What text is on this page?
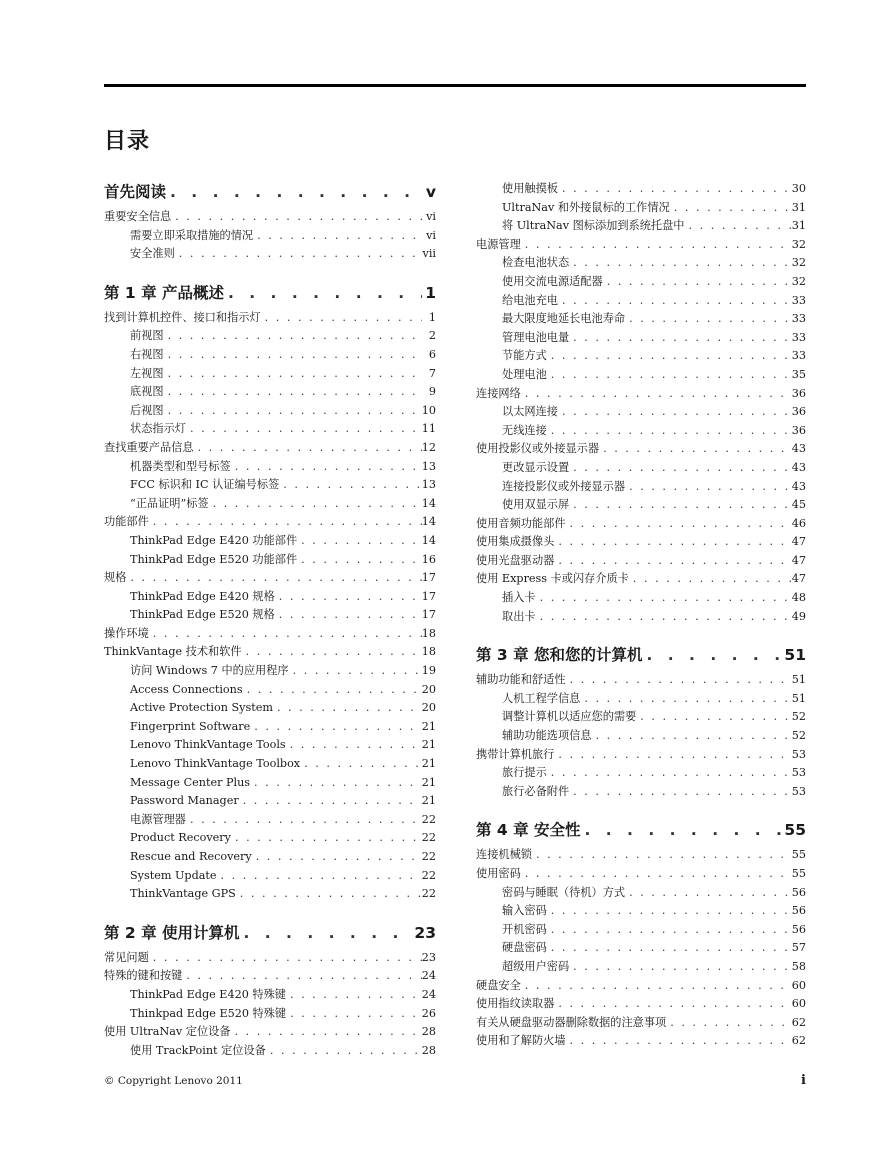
目录
首先阅读 . . .	v
重要安全信息 . . .	vi
需要立即采取措施的情况 . . .	vi
安全准则 . . .	vii
第 1 章 产品概述 . . .	1
找到计算机控件、接口和指示灯 . . .	1
前视图 . . .	2
右视图 . . .	6
左视图 . . .	7
底视图 . . .	9
后视图 . . .	10
状态指示灯 . . .	11
查找重要产品信息 . . .	12
机器类型和型号标签 . . .	13
FCC 标识和 IC 认证编号标签 . . .	13
“正品证明”标签 . . .	14
功能部件 . . .	14
ThinkPad Edge E420 功能部件 . . .	14
ThinkPad Edge E520 功能部件 . . .	16
规格 . . .	17
ThinkPad Edge E420 规格 . . .	17
ThinkPad Edge E520 规格 . . .	17
操作环境 . . .	18
ThinkVantage 技术和软件 . . .	18
访问 Windows 7 中的应用程序 . . .	19
Access Connections . . .	20
Active Protection System . . .	20
Fingerprint Software . . .	21
Lenovo ThinkVantage Tools . . .	21
Lenovo ThinkVantage Toolbox . . .	21
Message Center Plus . . .	21
Password Manager . . .	21
电源管理器 . . .	22
Product Recovery . . .	22
Rescue and Recovery . . .	22
System Update . . .	22
ThinkVantage GPS . . .	22
第 2 章 使用计算机 . . .	23
常见问题 . . .	23
特殊的键和按键 . . .	24
ThinkPad Edge E420 特殊键 . . .	24
Thinkpad Edge E520 特殊键 . . .	26
使用 UltraNav 定位设备 . . .	28
使用 TrackPoint 定位设备 . . .	28
使用触摸板 . . .	30
UltraNav 和外接鼠标的工作情况 . . .	31
将 UltraNav 图标添加到系统托盘中 . . .	31
电源管理 . . .	32
检查电池状态 . . .	32
使用交流电源适配器 . . .	32
给电池充电 . . .	33
最大限度地延长电池寿命 . . .	33
管理电池电量 . . .	33
节能方式 . . .	33
处理电池 . . .	35
连接网络 . . .	36
以太网连接 . . .	36
无线连接 . . .	36
使用投影仪或外接显示器 . . .	43
更改显示设置 . . .	43
连接投影仪或外接显示器 . . .	43
使用双显示屏 . . .	45
使用音频功能部件 . . .	46
使用集成摄像头 . . .	47
使用光盘驱动器 . . .	47
使用 Express 卡或闪存介质卡 . . .	47
插入卡 . . .	48
取出卡 . . .	49
第 3 章 您和您的计算机 . . .	51
辅助功能和舒适性 . . .	51
人机工程学信息 . . .	51
调整计算机以适应您的需要 . . .	52
辅助功能选项信息 . . .	52
携带计算机旅行 . . .	53
旅行提示 . . .	53
旅行必备附件 . . .	53
第 4 章 安全性 . . .	55
连接机械锁 . . .	55
使用密码 . . .	55
密码与睡眠（待机）方式 . . .	56
输入密码 . . .	56
开机密码 . . .	56
硬盘密码 . . .	57
超级用户密码 . . .	58
硬盘安全 . . .	60
使用指纹读取器 . . .	60
有关从硬盘驱动器删除数据的注意事项 . . .	62
使用和了解防火墙 . . .	62
© Copyright Lenovo 2011	i
